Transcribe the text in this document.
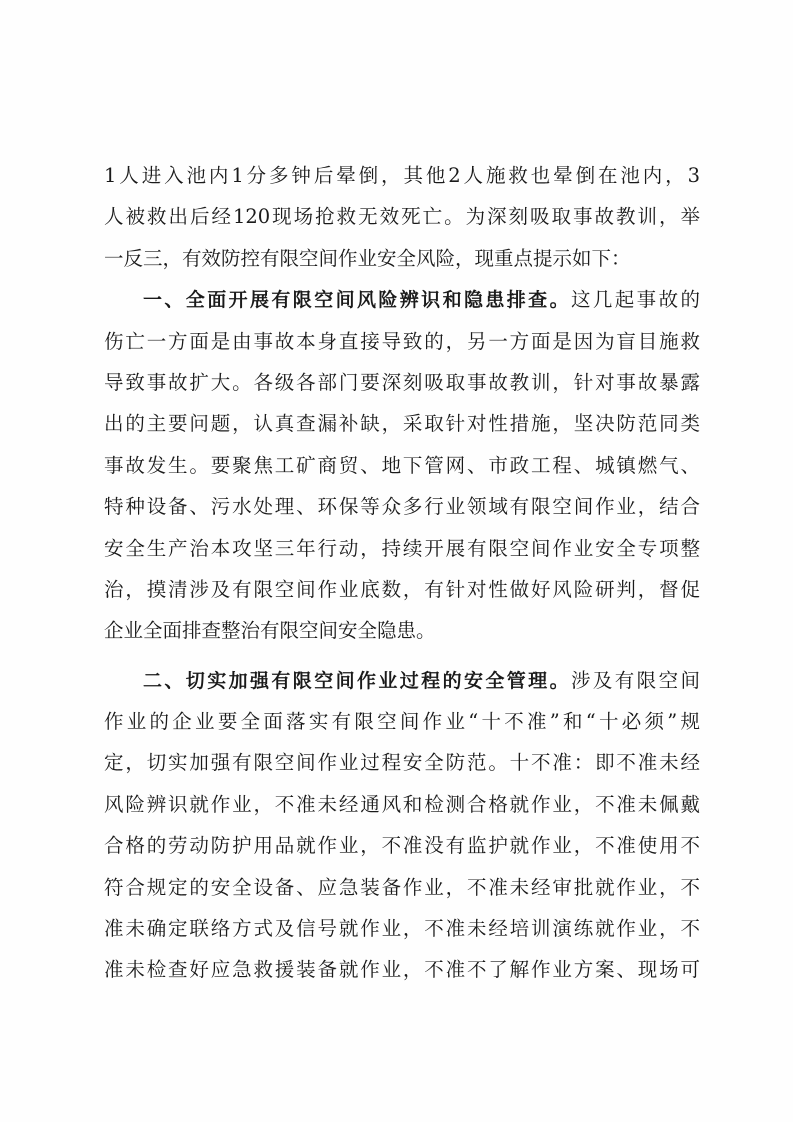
1人进入池内1分多钟后晕倒，其他2人施救也晕倒在池内，3
人被救出后经120现场抢救无效死亡。为深刻吸取事故教训，举
一反三，有效防控有限空间作业安全风险，现重点提示如下：
一、全面开展有限空间风险辨识和隐患排查。这几起事故的
伤亡一方面是由事故本身直接导致的，另一方面是因为盲目施救
导致事故扩大。各级各部门要深刻吸取事故教训，针对事故暴露
出的主要问题，认真查漏补缺，采取针对性措施，坚决防范同类
事故发生。要聚焦工矿商贸、地下管网、市政工程、城镇燃气、
特种设备、污水处理、环保等众多行业领域有限空间作业，结合
安全生产治本攻坚三年行动，持续开展有限空间作业安全专项整
治，摸清涉及有限空间作业底数，有针对性做好风险研判，督促
企业全面排查整治有限空间安全隐患。
二、切实加强有限空间作业过程的安全管理。涉及有限空间
作业的企业要全面落实有限空间作业“十不准”和“十必须”规
定，切实加强有限空间作业过程安全防范。十不准：即不准未经
风险辨识就作业，不准未经通风和检测合格就作业，不准未佩戴
合格的劳动防护用品就作业，不准没有监护就作业，不准使用不
符合规定的安全设备、应急装备作业，不准未经审批就作业，不
准未确定联络方式及信号就作业，不准未经培训演练就作业，不
准未检查好应急救援装备就作业，不准不了解作业方案、现场可
